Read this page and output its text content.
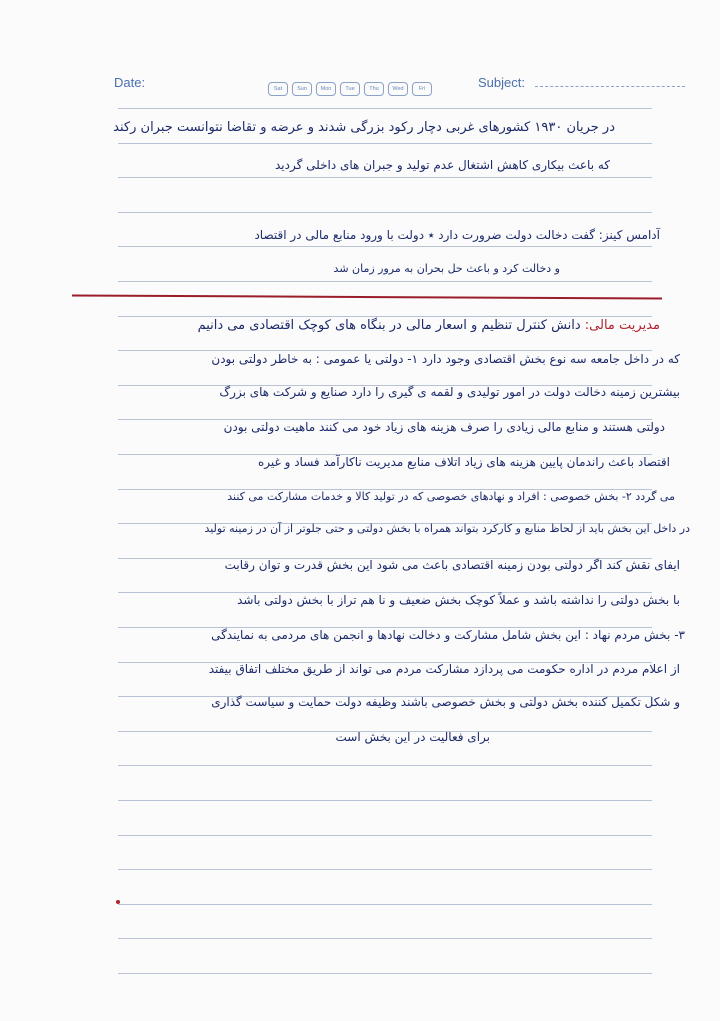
Date:	Sat	Sun	Mon	Tue	Thu	Wed	Fri	Subject:
در جریان ۱۹۳۰ کشورهای غربی دچار رکود بزرگی شدند و عرضه و تقاضا نتوانست جبران رکند
که باعث بیکاری کاهش اشتغال عدم تولید و جبران های داخلی گردید
آدامس کینز: گفت دخالت دولت ضرورت دارد ٭ دولت با ورود منابع مالی در اقتصاد
و دخالت کرد و باعث حل بحران به مرور زمان شد
مدیریت مالی: دانش کنترل تنظیم و اسعار مالی در بنگاه های کوچک اقتصادی می دانیم
که در داخل جامعه سه نوع بخش اقتصادی وجود دارد ۱- دولتی یا عمومی : به خاطر دولتی بودن
بیشترین زمینه دخالت دولت در امور تولیدی و لقمه ی گیری را دارد صنایع و شرکت های بزرگ
دولتی هستند و منابع مالی زیادی را صرف هزینه های زیاد خود می کنند ماهیت دولتی بودن
اقتصاد باعث راندمان پایین هزینه های زیاد اتلاف منابع مدیریت ناکارآمد فساد و غیره
می گردد ۲- بخش خصوصی : افراد و نهادهای خصوصی که در تولید کالا و خدمات مشارکت می کنند
در داخل این بخش باید از لحاظ منابع و کارکرد بتواند همراه با بخش دولتی و حتی جلوتر از آن در زمینه تولید
ایفای نقش کند اگر دولتی بودن زمینه اقتصادی باعث می شود این بخش قدرت و توان رقابت
با بخش دولتی را نداشته باشد و عملاً کوچک بخش ضعیف و نا هم تراز با بخش دولتی باشد
۳- بخش مردم نهاد : این بخش شامل مشارکت و دخالت نهادها و انجمن های مردمی به نمایندگی
از اعلام مردم در اداره حکومت می پردازد مشارکت مردم می تواند از طریق مختلف اتفاق بیفتد
و شکل تکمیل کننده بخش دولتی و بخش خصوصی باشند وظیفه دولت حمایت و سیاست گذاری
برای فعالیت در این بخش است
